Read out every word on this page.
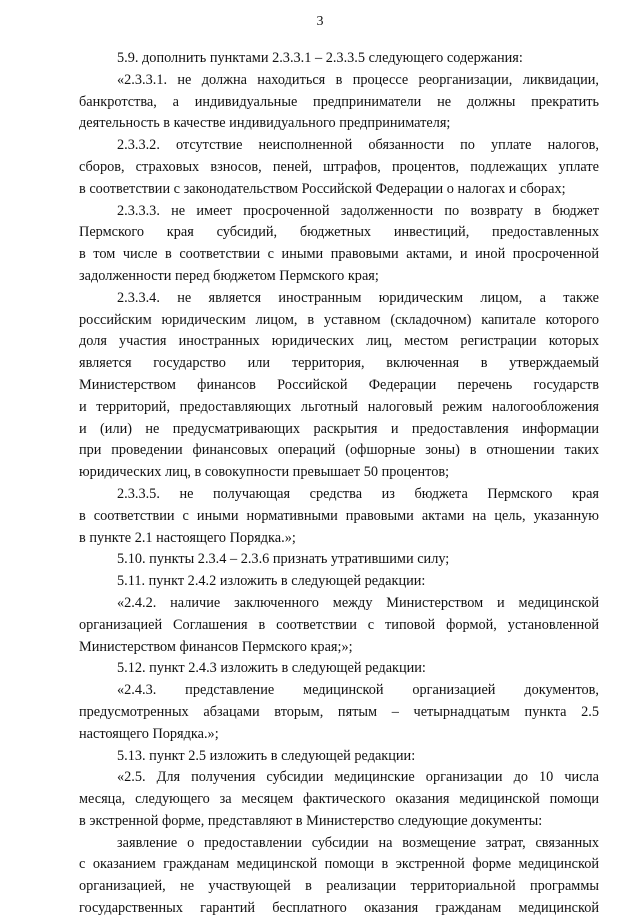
3
5.9. дополнить пунктами 2.3.3.1 – 2.3.3.5 следующего содержания:
«2.3.3.1. не должна находиться в процессе реорганизации, ликвидации,
банкротства, а индивидуальные предприниматели не должны прекратить
деятельность в качестве индивидуального предпринимателя;
2.3.3.2. отсутствие неисполненной обязанности по уплате налогов,
сборов, страховых взносов, пеней, штрафов, процентов, подлежащих уплате
в соответствии с законодательством Российской Федерации о налогах и сборах;
2.3.3.3. не имеет просроченной задолженности по возврату в бюджет
Пермского края субсидий, бюджетных инвестиций, предоставленных
в том числе в соответствии с иными правовыми актами, и иной просроченной
задолженности перед бюджетом Пермского края;
2.3.3.4. не является иностранным юридическим лицом, а также
российским юридическим лицом, в уставном (складочном) капитале которого
доля участия иностранных юридических лиц, местом регистрации которых
является государство или территория, включенная в утверждаемый
Министерством финансов Российской Федерации перечень государств
и территорий, предоставляющих льготный налоговый режим налогообложения
и (или) не предусматривающих раскрытия и предоставления информации
при проведении финансовых операций (офшорные зоны) в отношении таких
юридических лиц, в совокупности превышает 50 процентов;
2.3.3.5. не получающая средства из бюджета Пермского края
в соответствии с иными нормативными правовыми актами на цель, указанную
в пункте 2.1 настоящего Порядка.»;
5.10. пункты 2.3.4 – 2.3.6 признать утратившими силу;
5.11. пункт 2.4.2 изложить в следующей редакции:
«2.4.2. наличие заключенного между Министерством и медицинской
организацией Соглашения в соответствии с типовой формой, установленной
Министерством финансов Пермского края;»;
5.12. пункт 2.4.3 изложить в следующей редакции:
«2.4.3. представление медицинской организацией документов,
предусмотренных абзацами вторым, пятым – четырнадцатым пункта 2.5
настоящего Порядка.»;
5.13. пункт 2.5 изложить в следующей редакции:
«2.5. Для получения субсидии медицинские организации до 10 числа
месяца, следующего за месяцем фактического оказания медицинской помощи
в экстренной форме, представляют в Министерство следующие документы:
заявление о предоставлении субсидии на возмещение затрат, связанных
с оказанием гражданам медицинской помощи в экстренной форме медицинской
организацией, не участвующей в реализации территориальной программы
государственных гарантий бесплатного оказания гражданам медицинской
